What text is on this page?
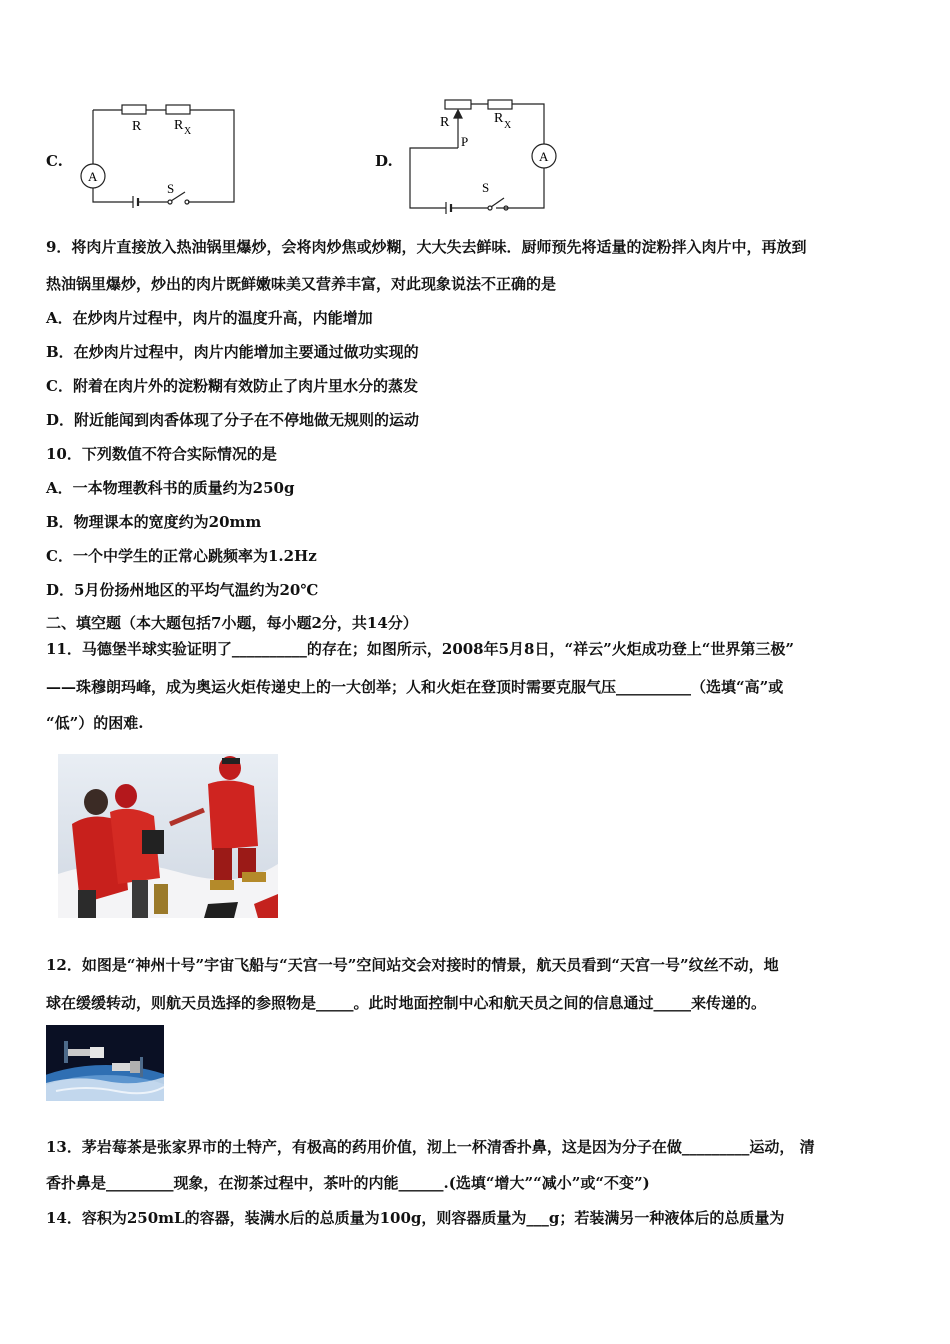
C.
R R X
A
S
D.
R	R X
P
A
S
9．将肉片直接放入热油锅里爆炒，会将肉炒焦或炒糊，大大失去鲜味．厨师预先将适量的淀粉拌入肉片中，再放到
热油锅里爆炒，炒出的肉片既鲜嫩味美又营养丰富，对此现象说法不正确的是
A．在炒肉片过程中，肉片的温度升高，内能增加
B．在炒肉片过程中，肉片内能增加主要通过做功实现的
C．附着在肉片外的淀粉糊有效防止了肉片里水分的蒸发
D．附近能闻到肉香体现了分子在不停地做无规则的运动
10．下列数值不符合实际情况的是
A．一本物理教科书的质量约为250g
B．物理课本的宽度约为20mm
C．一个中学生的正常心跳频率为1.2Hz
D．5月份扬州地区的平均气温约为20℃
二、填空题（本大题包括7小题，每小题2分，共14分）
11．马德堡半球实验证明了__________的存在；如图所示，2008年5月8日，“祥云”火炬成功登上“世界第三极”
——珠穆朗玛峰，成为奥运火炬传递史上的一大创举；人和火炬在登顶时需要克服气压__________（选填“高”或
“低”）的困难.
12．如图是“神州十号”宇宙飞船与“天宫一号”空间站交会对接时的情景，航天员看到“天宫一号”纹丝不动，地
球在缓缓转动，则航天员选择的参照物是_____。此时地面控制中心和航天员之间的信息通过_____来传递的。
13．茅岩莓茶是张家界市的土特产，有极高的药用价值，沏上一杯清香扑鼻，这是因为分子在做_________运动， 清
香扑鼻是_________现象，在沏茶过程中，茶叶的内能______.(选填“增大”“减小”或“不变”)
14．容积为250mL的容器，装满水后的总质量为100g，则容器质量为___g；若装满另一种液体后的总质量为
